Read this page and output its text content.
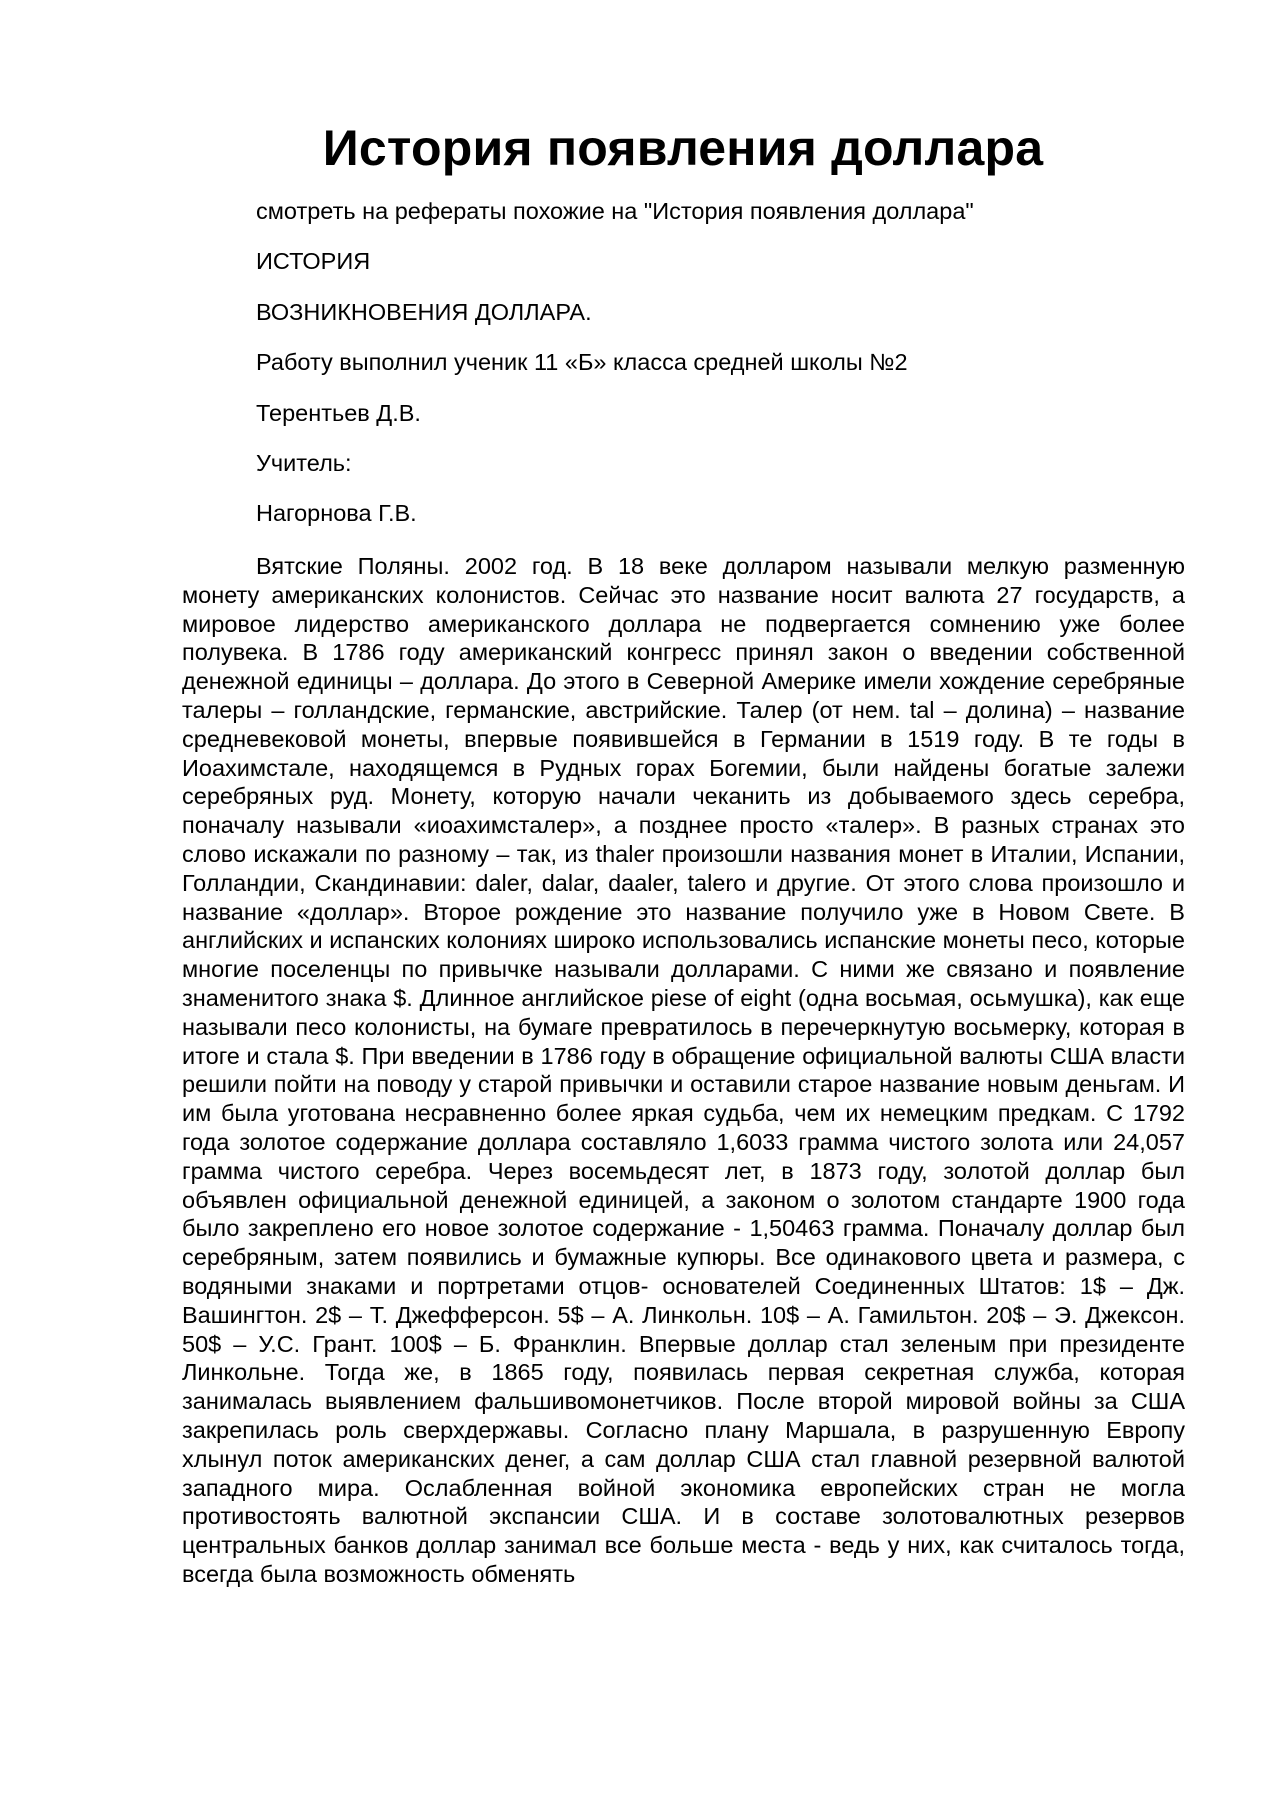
История появления доллара

смотреть на рефераты похожие на "История появления доллара"

ИСТОРИЯ

ВОЗНИКНОВЕНИЯ ДОЛЛАРА.

Работу выполнил ученик 11 «Б» класса средней школы №2

Терентьев Д.В.

Учитель:

Нагорнова Г.В.

Вятские Поляны. 2002 год. В 18 веке долларом называли мелкую разменную монету американских колонистов. Сейчас это название носит валюта 27 государств, а мировое лидерство американского доллара не подвергается сомнению уже более полувека. В 1786 году американский конгресс принял закон о введении собственной денежной единицы – доллара. До этого в Северной Америке имели хождение серебряные талеры – голландские, германские, австрийские. Талер (от нем. tal – долина) – название средневековой монеты, впервые появившейся в Германии в 1519 году. В те годы в Иоахимстале, находящемся в Рудных горах Богемии, были найдены богатые залежи серебряных руд. Монету, которую начали чеканить из добываемого здесь серебра, поначалу называли «иоахимсталер», а позднее просто «талер». В разных странах это слово искажали по разному – так, из thaler произошли названия монет в Италии, Испании, Голландии, Скандинавии: daler, dalar, daaler, talero и другие. От этого слова произошло и название «доллар». Второе рождение это название получило уже в Новом Свете. В английских и испанских колониях широко использовались испанские монеты песо, которые многие поселенцы по привычке называли долларами. С ними же связано и появление знаменитого знака $. Длинное английское piese of eight (одна восьмая, осьмушка), как еще называли песо колонисты, на бумаге превратилось в перечеркнутую восьмерку, которая в итоге и стала $. При введении в 1786 году в обращение официальной валюты США власти решили пойти на поводу у старой привычки и оставили старое название новым деньгам. И им была уготована несравненно более яркая судьба, чем их немецким предкам. С 1792 года золотое содержание доллара составляло 1,6033 грамма чистого золота или 24,057 грамма чистого серебра. Через восемьдесят лет, в 1873 году, золотой доллар был объявлен официальной денежной единицей, а законом о золотом стандарте 1900 года было закреплено его новое золотое содержание - 1,50463 грамма. Поначалу доллар был серебряным, затем появились и бумажные купюры. Все одинакового цвета и размера, с водяными знаками и портретами отцов- основателей Соединенных Штатов: 1$ – Дж. Вашингтон. 2$ – Т. Джефферсон. 5$ – А. Линкольн. 10$ – А. Гамильтон. 20$ – Э. Джексон. 50$ – У.С. Грант. 100$ – Б. Франклин. Впервые доллар стал зеленым при президенте Линкольне. Тогда же, в 1865 году, появилась первая секретная служба, которая занималась выявлением фальшивомонетчиков. После второй мировой войны за США закрепилась роль сверхдержавы. Согласно плану Маршала, в разрушенную Европу хлынул поток американских денег, а сам доллар США стал главной резервной валютой западного мира. Ослабленная войной экономика европейских стран не могла противостоять валютной экспансии США. И в составе золотовалютных резервов центральных банков доллар занимал все больше места - ведь у них, как считалось тогда, всегда была возможность обменять
